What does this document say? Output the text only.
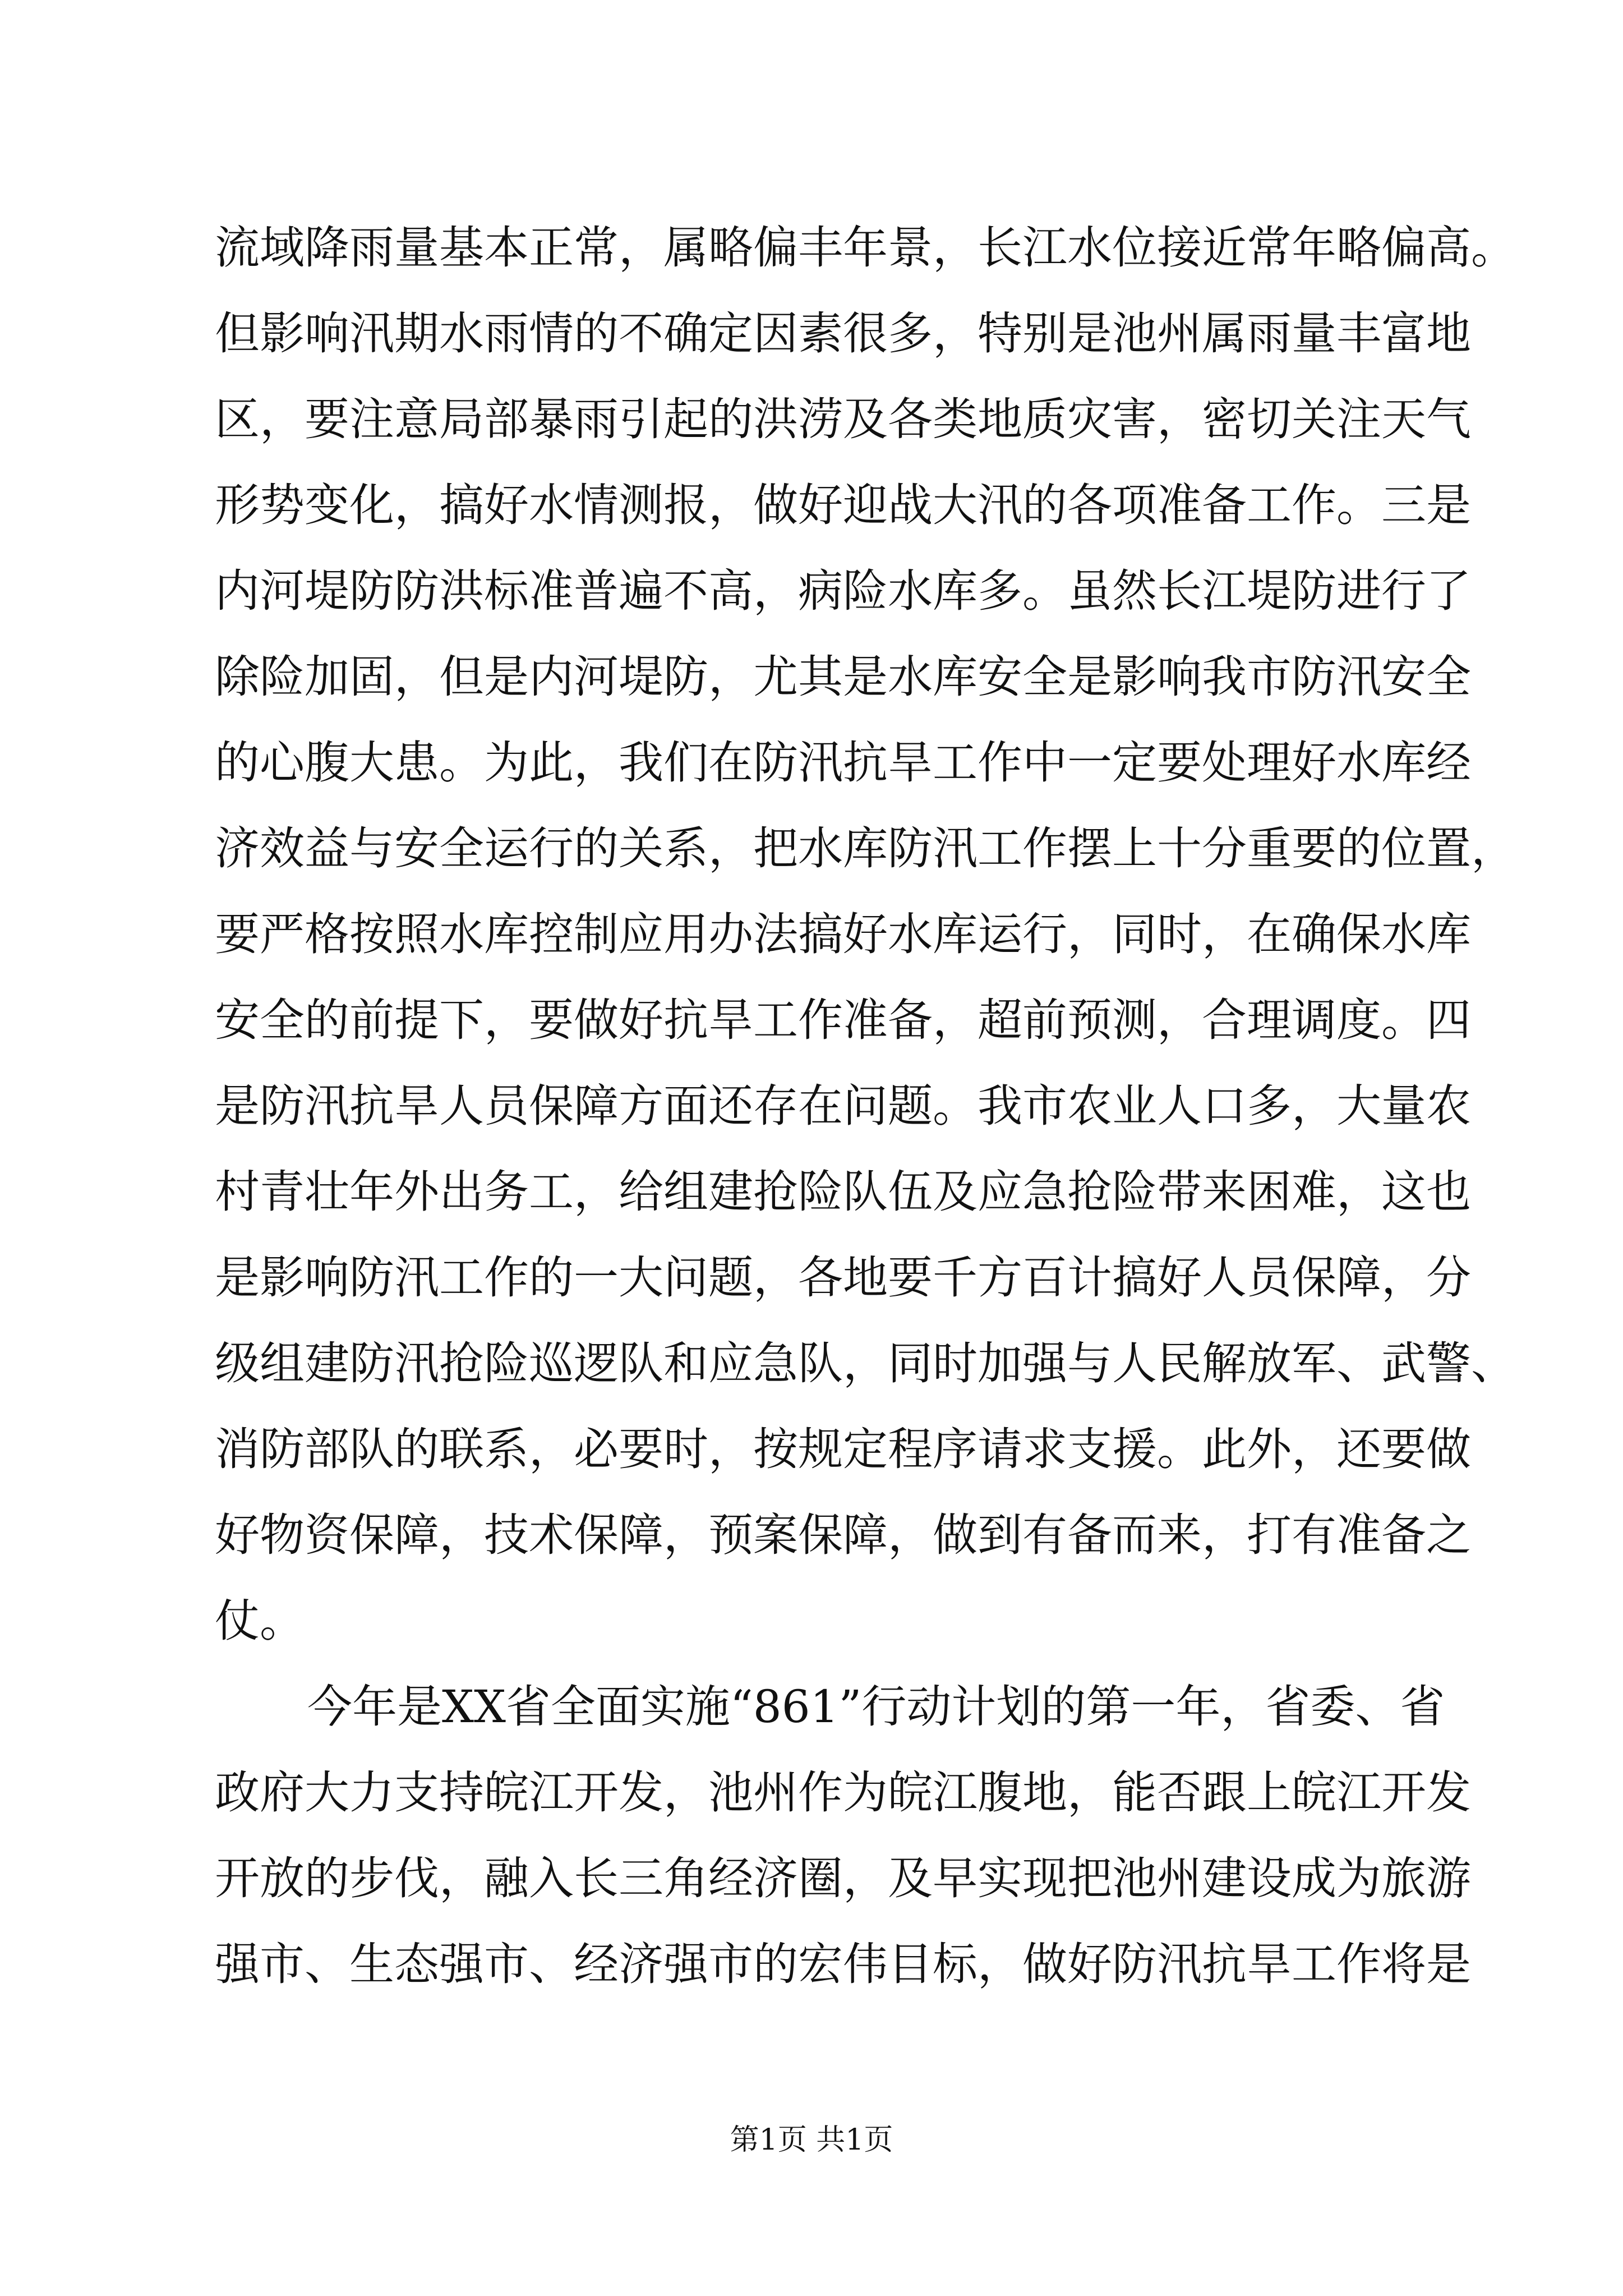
流域降雨量基本正常，属略偏丰年景，长江水位接近常年略偏高。
但影响汛期水雨情的不确定因素很多，特别是池州属雨量丰富地
区，要注意局部暴雨引起的洪涝及各类地质灾害，密切关注天气
形势变化，搞好水情测报，做好迎战大汛的各项准备工作。三是
内河堤防防洪标准普遍不高，病险水库多。虽然长江堤防进行了
除险加固，但是内河堤防，尤其是水库安全是影响我市防汛安全
的心腹大患。为此，我们在防汛抗旱工作中一定要处理好水库经
济效益与安全运行的关系，把水库防汛工作摆上十分重要的位置，
要严格按照水库控制应用办法搞好水库运行，同时，在确保水库
安全的前提下，要做好抗旱工作准备，超前预测，合理调度。四
是防汛抗旱人员保障方面还存在问题。我市农业人口多，大量农
村青壮年外出务工，给组建抢险队伍及应急抢险带来困难，这也
是影响防汛工作的一大问题，各地要千方百计搞好人员保障，分
级组建防汛抢险巡逻队和应急队，同时加强与人民解放军、武警、
消防部队的联系，必要时，按规定程序请求支援。此外，还要做
好物资保障，技术保障，预案保障，做到有备而来，打有准备之
仗。
今年是XX省全面实施“861”行动计划的第一年，省委、省
政府大力支持皖江开发，池州作为皖江腹地，能否跟上皖江开发
开放的步伐，融入长三角经济圈，及早实现把池州建设成为旅游
强市、生态强市、经济强市的宏伟目标，做好防汛抗旱工作将是
第1页 共1页
